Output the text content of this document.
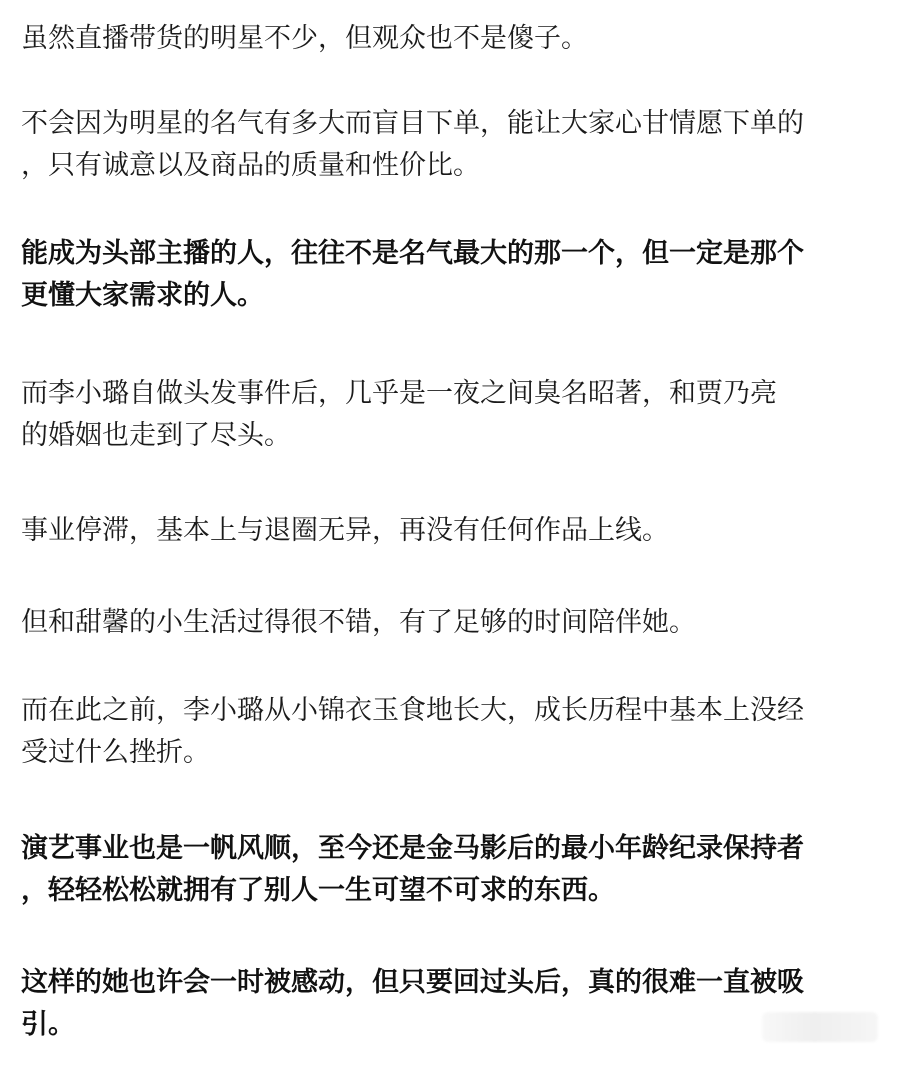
虽然直播带货的明星不少，但观众也不是傻子。

不会因为明星的名气有多大而盲目下单，能让大家心甘情愿下单的
，只有诚意以及商品的质量和性价比。

能成为头部主播的人，往往不是名气最大的那一个，但一定是那个
更懂大家需求的人。

而李小璐自做头发事件后，几乎是一夜之间臭名昭著，和贾乃亮
的婚姻也走到了尽头。

事业停滞，基本上与退圈无异，再没有任何作品上线。

但和甜馨的小生活过得很不错，有了足够的时间陪伴她。

而在此之前，李小璐从小锦衣玉食地长大，成长历程中基本上没经
受过什么挫折。

演艺事业也是一帆风顺，至今还是金马影后的最小年龄纪录保持者
，轻轻松松就拥有了别人一生可望不可求的东西。

这样的她也许会一时被感动，但只要回过头后，真的很难一直被吸
引。
